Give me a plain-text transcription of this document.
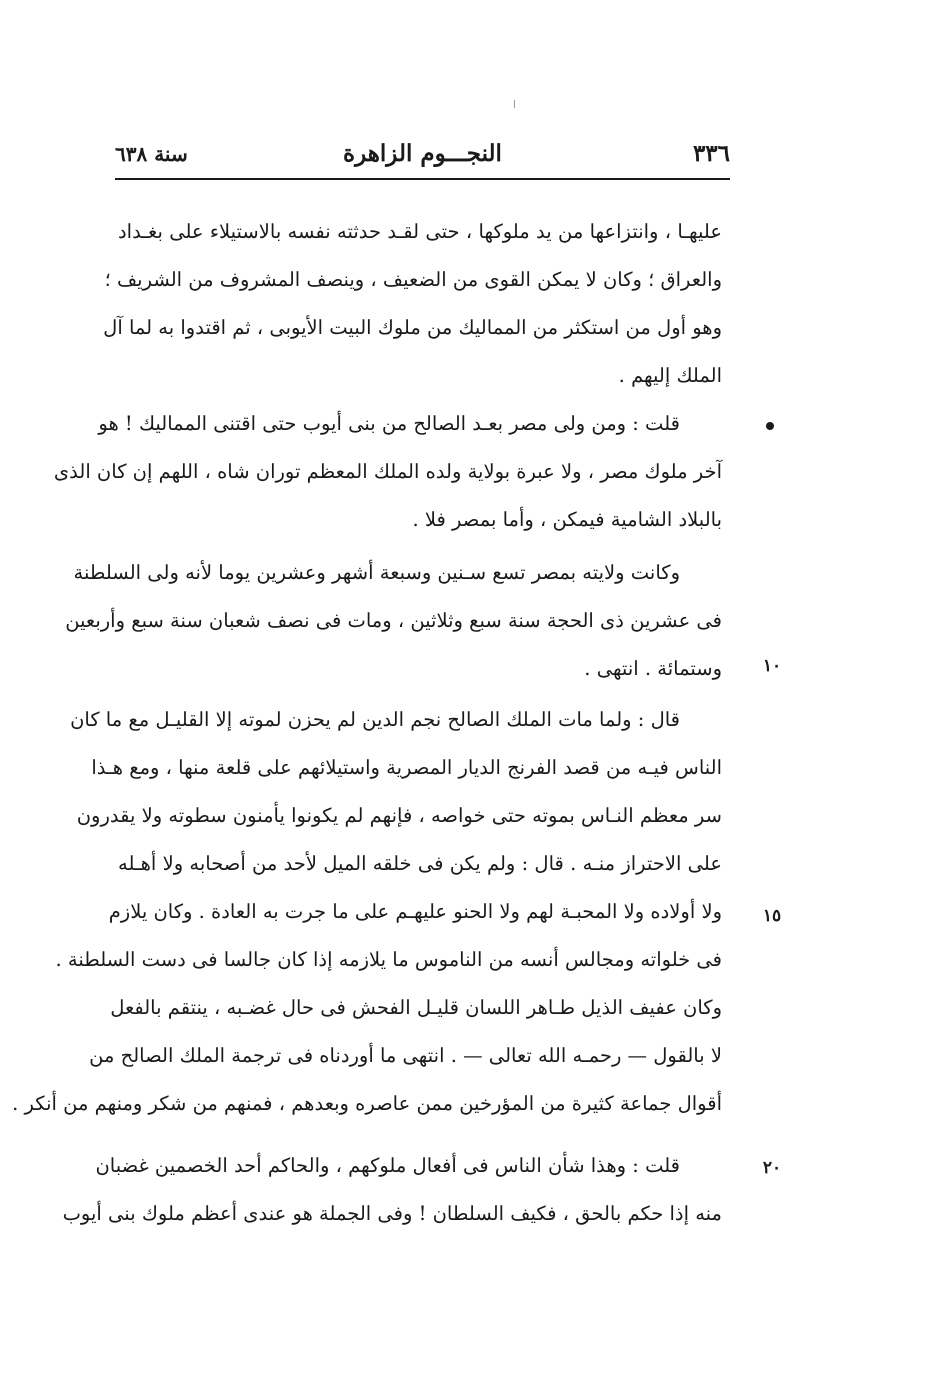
٣٣٦
النجـــوم الزاهرة
سنة ٦٣٨
عليهـا ، وانتزاعها من يد ملوكها ، حتى لقـد حدثته نفسه بالاستيلاء على بغـداد
والعراق ؛ وكان لا يمكن القوى من الضعيف ، وينصف المشروف من الشريف ؛
وهو أول من استكثر من المماليك من ملوك البيت الأيوبى ، ثم اقتدوا به لما آل
الملك إليهم .
قلت : ومن ولى مصر بعـد الصالح من بنى أيوب حتى اقتنى المماليك ! هو
آخر ملوك مصر ، ولا عبرة بولاية ولده الملك المعظم توران شاه ، اللهم إن كان الذى
بالبلاد الشامية فيمكن ، وأما بمصر فلا .
وكانت ولايته بمصر تسع سـنين وسبعة أشهر وعشرين يوما لأنه ولى السلطنة
فى عشرين ذى الحجة سنة سبع وثلاثين ، ومات فى نصف شعبان سنة سبع وأربعين
وستمائة . انتهى .
قال : ولما مات الملك الصالح نجم الدين لم يحزن لموته إلا القليـل مع ما كان
الناس فيـه من قصد الفرنج الديار المصرية واستيلائهم على قلعة منها ، ومع هـذا
سر معظم النـاس بموته حتى خواصه ، فإنهم لم يكونوا يأمنون سطوته ولا يقدرون
على الاحتراز منـه . قال : ولم يكن فى خلقه الميل لأحد من أصحابه ولا أهـله
ولا أولاده ولا المحبـة لهم ولا الحنو عليهـم على ما جرت به العادة . وكان يلازم
فى خلواته ومجالس أنسه من الناموس ما يلازمه إذا كان جالسا فى دست السلطنة .
وكان عفيف الذيل طـاهر اللسان قليـل الفحش فى حال غضـبه ، ينتقم بالفعل
لا بالقول — رحمـه الله تعالى — . انتهى ما أوردناه فى ترجمة الملك الصالح من
أقوال جماعة كثيرة من المؤرخين ممن عاصره وبعدهم ، فمنهم من شكر ومنهم من أنكر .
قلت : وهذا شأن الناس فى أفعال ملوكهم ، والحاكم أحد الخصمين غضبان
منه إذا حكم بالحق ، فكيف السلطان ! وفى الجملة هو عندى أعظم ملوك بنى أيوب
١٠
١٥
٢٠
